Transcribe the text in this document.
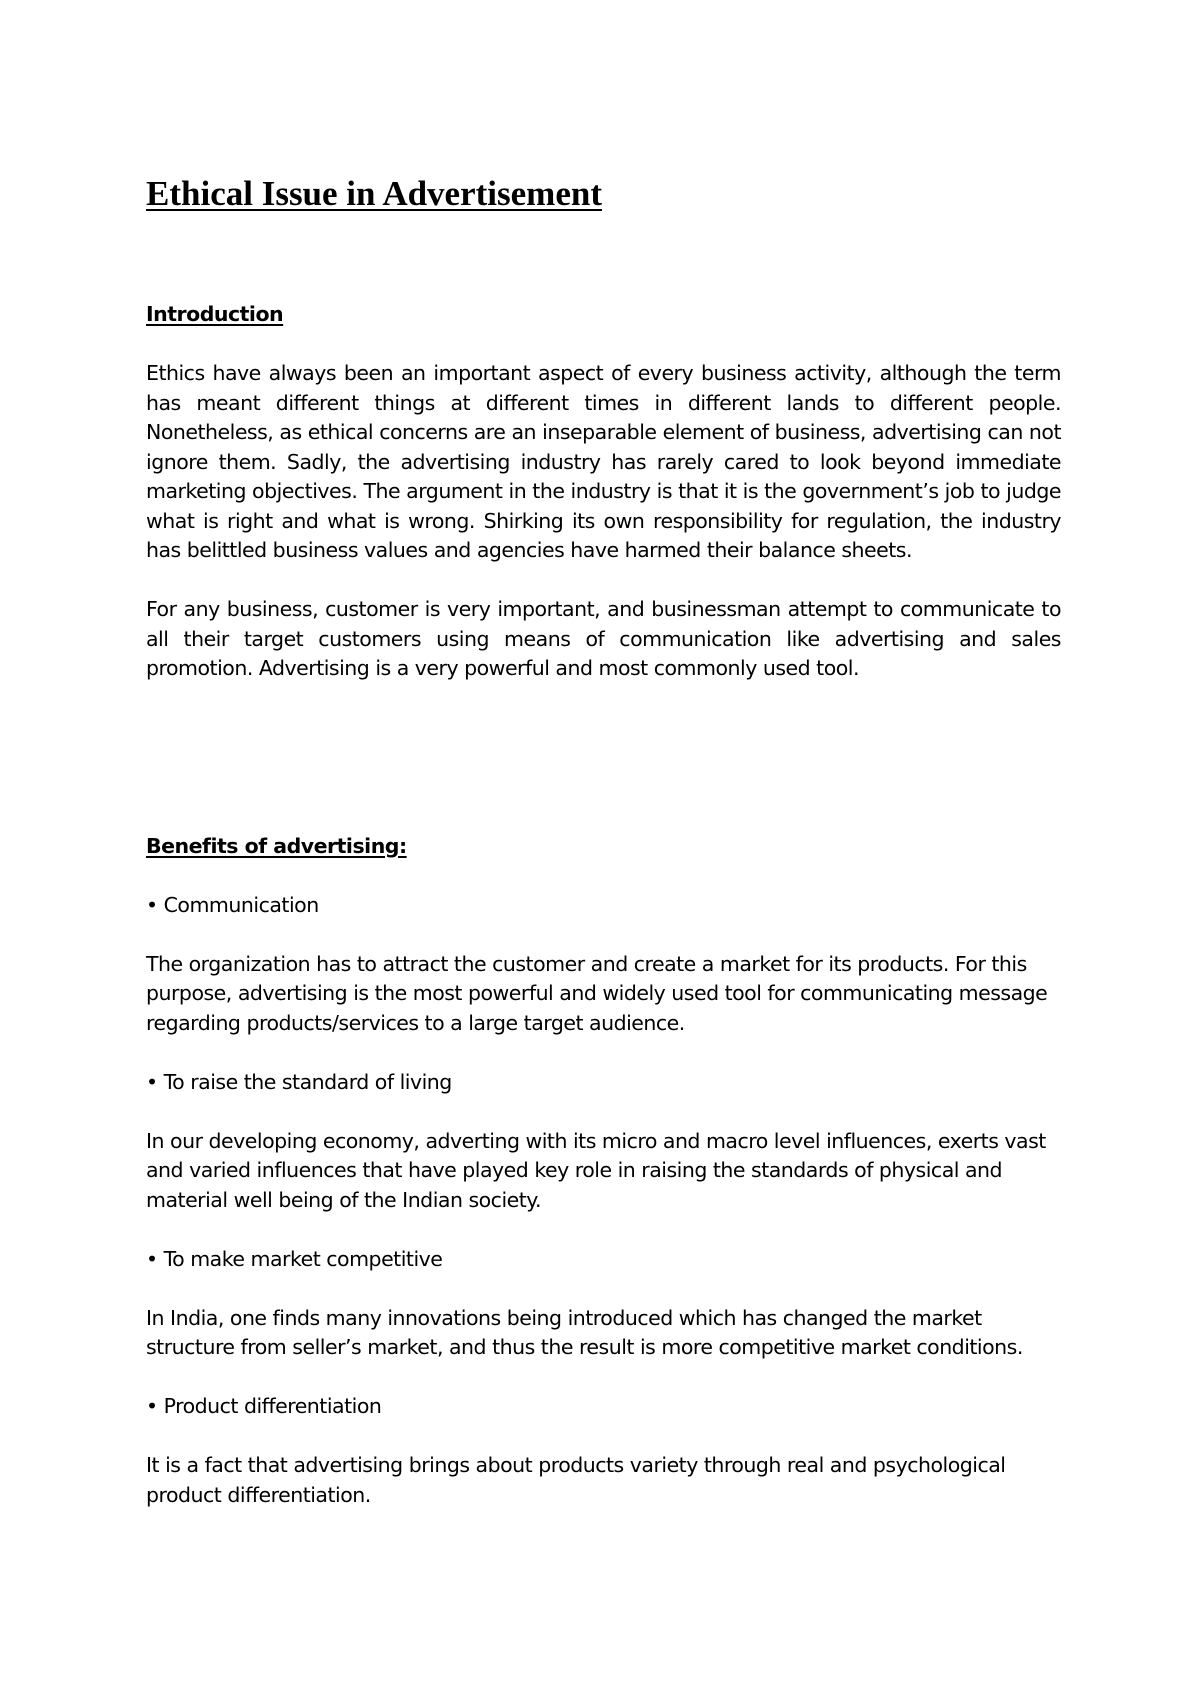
Ethical Issue in Advertisement

Introduction

Ethics have always been an important aspect of every business activity, although the term has meant different things at different times in different lands to different people. Nonetheless, as ethical concerns are an inseparable element of business, advertising can not ignore them. Sadly, the advertising industry has rarely cared to look beyond immediate marketing objectives. The argument in the industry is that it is the government’s job to judge what is right and what is wrong. Shirking its own responsibility for regulation, the industry has belittled business values and agencies have harmed their balance sheets.

For any business, customer is very important, and businessman attempt to communicate to all their target customers using means of communication like advertising and sales promotion. Advertising is a very powerful and most commonly used tool.

Benefits of advertising:

• Communication

The organization has to attract the customer and create a market for its products. For this purpose, advertising is the most powerful and widely used tool for communicating message regarding products/services to a large target audience.

• To raise the standard of living

In our developing economy, adverting with its micro and macro level influences, exerts vast and varied influences that have played key role in raising the standards of physical and material well being of the Indian society.

• To make market competitive

In India, one finds many innovations being introduced which has changed the market structure from seller’s market, and thus the result is more competitive market conditions.

• Product differentiation

It is a fact that advertising brings about products variety through real and psychological product differentiation.
